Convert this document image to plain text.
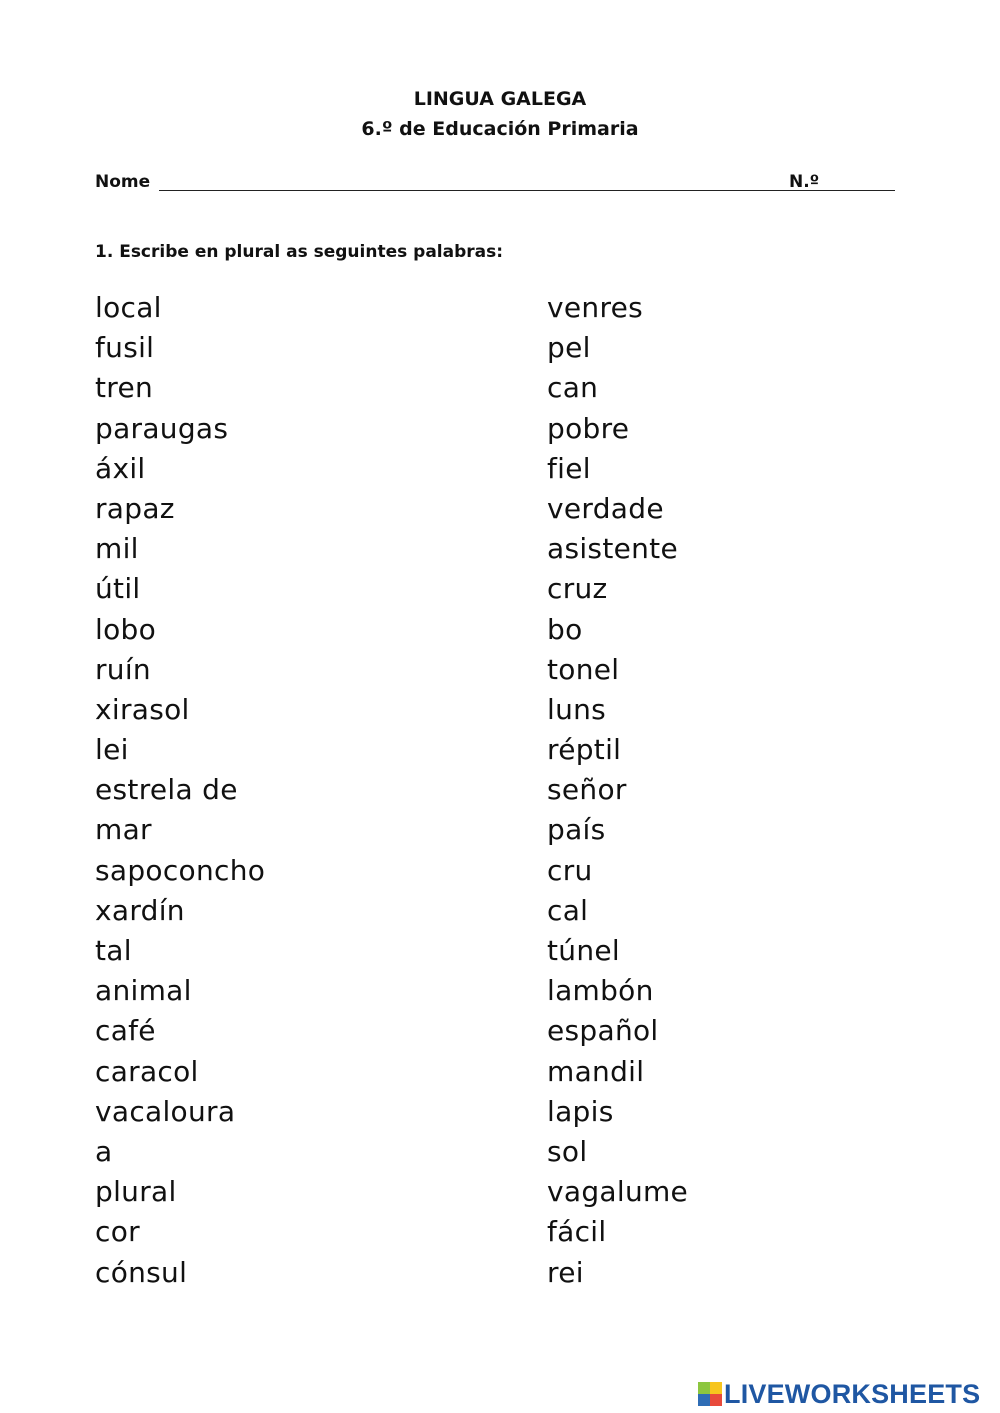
LINGUA GALEGA
6.º de Educación Primaria
Nome	N.º
1. Escribe en plural as seguintes palabras:
local
fusil
tren
paraugas
áxil
rapaz
mil
útil
lobo
ruín
xirasol
lei
estrela de
mar
sapoconcho
xardín
tal
animal
café
caracol
vacaloura
a
plural
cor
cónsul
venres
pel
can
pobre
fiel
verdade
asistente
cruz
bo
tonel
luns
réptil
señor
país
cru
cal
túnel
lambón
español
mandil
lapis
sol
vagalume
fácil
rei
LIVEWORKSHEETS
